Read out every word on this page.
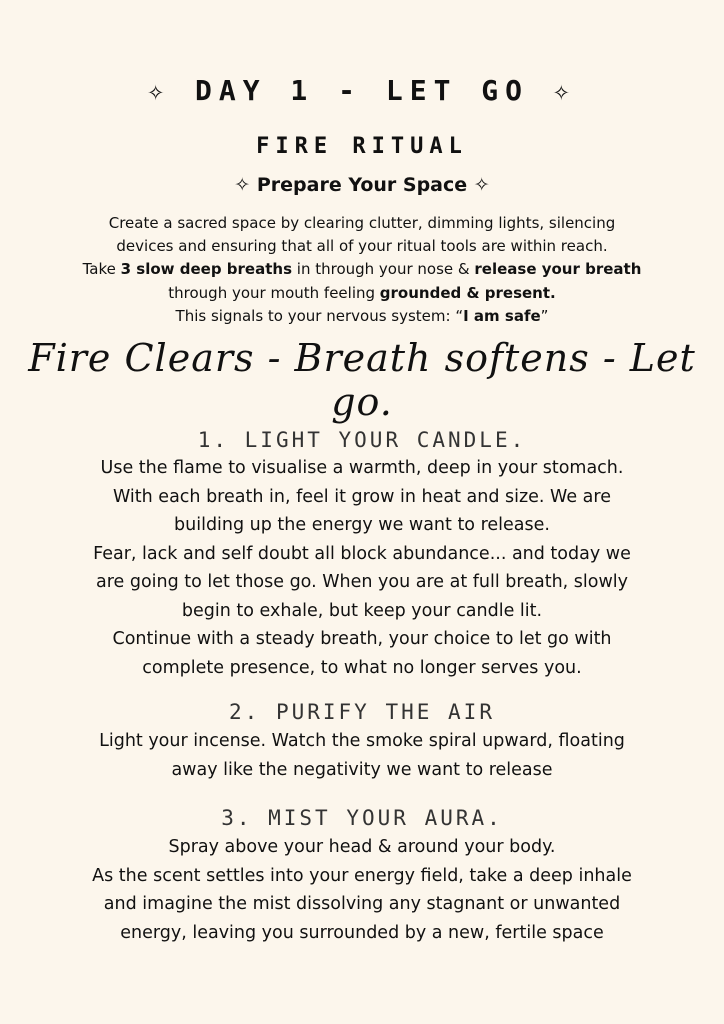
✧ DAY 1 - LET GO ✧
FIRE RITUAL
✧ Prepare Your Space ✧
Create a sacred space by clearing clutter, dimming lights, silencing
devices and ensuring that all of your ritual tools are within reach.
Take 3 slow deep breaths in through your nose & release your breath
through your mouth feeling grounded & present.
This signals to your nervous system: “I am safe”
Fire Clears - Breath softens - Let go.
1. LIGHT YOUR CANDLE.
Use the flame to visualise a warmth, deep in your stomach.
With each breath in, feel it grow in heat and size. We are
building up the energy we want to release.
Fear, lack and self doubt all block abundance... and today we
are going to let those go. When you are at full breath, slowly
begin to exhale, but keep your candle lit.
Continue with a steady breath, your choice to let go with
complete presence, to what no longer serves you.
2. PURIFY THE AIR
Light your incense. Watch the smoke spiral upward, floating
away like the negativity we want to release
3. MIST YOUR AURA.
Spray above your head & around your body.
As the scent settles into your energy field, take a deep inhale
and imagine the mist dissolving any stagnant or unwanted
energy, leaving you surrounded by a new, fertile space
